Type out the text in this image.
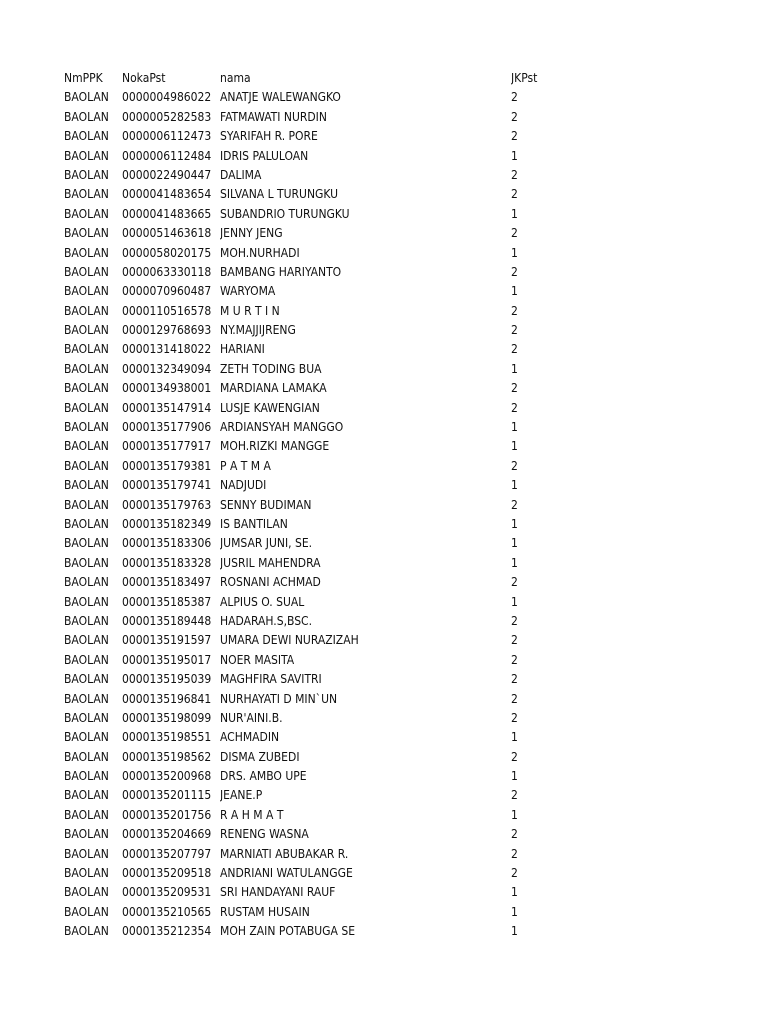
NmPPK	NokaPst	nama	JKPst
BAOLAN	0000004986022 ANATJE WALEWANGKO	2
BAOLAN	0000005282583 FATMAWATI NURDIN	2
BAOLAN	0000006112473 SYARIFAH R. PORE	2
BAOLAN	0000006112484 IDRIS PALULOAN	1
BAOLAN	0000022490447 DALIMA	2
BAOLAN	0000041483654 SILVANA L TURUNGKU	2
BAOLAN	0000041483665 SUBANDRIO TURUNGKU	1
BAOLAN	0000051463618 JENNY JENG	2
BAOLAN	0000058020175 MOH.NURHADI	1
BAOLAN	0000063330118 BAMBANG HARIYANTO	2
BAOLAN	0000070960487 WARYOMA	1
BAOLAN	0000110516578 M U R T I N	2
BAOLAN	0000129768693 NY.MAJJIJRENG	2
BAOLAN	0000131418022 HARIANI	2
BAOLAN	0000132349094 ZETH TODING BUA	1
BAOLAN	0000134938001 MARDIANA LAMAKA	2
BAOLAN	0000135147914 LUSJE KAWENGIAN	2
BAOLAN	0000135177906 ARDIANSYAH MANGGO	1
BAOLAN	0000135177917 MOH.RIZKI MANGGE	1
BAOLAN	0000135179381 P A T M A	2
BAOLAN	0000135179741 NADJUDI	1
BAOLAN	0000135179763 SENNY BUDIMAN	2
BAOLAN	0000135182349 IS BANTILAN	1
BAOLAN	0000135183306 JUMSAR JUNI, SE.	1
BAOLAN	0000135183328 JUSRIL MAHENDRA	1
BAOLAN	0000135183497 ROSNANI ACHMAD	2
BAOLAN	0000135185387 ALPIUS O. SUAL	1
BAOLAN	0000135189448 HADARAH.S,BSC.	2
BAOLAN	0000135191597 UMARA DEWI NURAZIZAH	2
BAOLAN	0000135195017 NOER MASITA	2
BAOLAN	0000135195039 MAGHFIRA SAVITRI	2
BAOLAN	0000135196841 NURHAYATI D MIN`UN	2
BAOLAN	0000135198099 NUR'AINI.B.	2
BAOLAN	0000135198551 ACHMADIN	1
BAOLAN	0000135198562 DISMA ZUBEDI	2
BAOLAN	0000135200968 DRS. AMBO UPE	1
BAOLAN	0000135201115 JEANE.P	2
BAOLAN	0000135201756 R A H M A T	1
BAOLAN	0000135204669 RENENG WASNA	2
BAOLAN	0000135207797 MARNIATI ABUBAKAR R.	2
BAOLAN	0000135209518 ANDRIANI WATULANGGE	2
BAOLAN	0000135209531 SRI HANDAYANI RAUF	1
BAOLAN	0000135210565 RUSTAM HUSAIN	1
BAOLAN	0000135212354 MOH ZAIN POTABUGA SE	1
